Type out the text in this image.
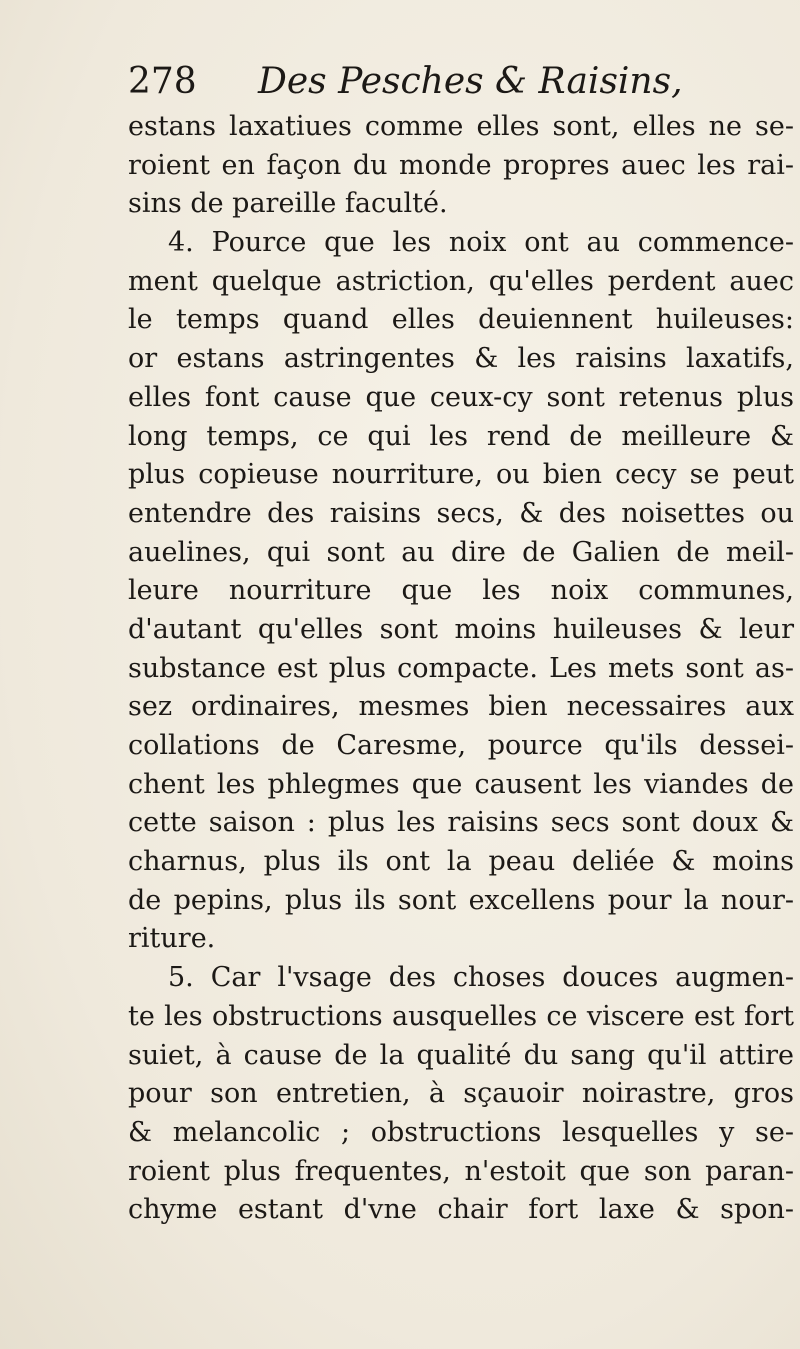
278 Des Pesches & Raisins,
estans laxatiues comme elles sont, elles ne se-
roient en façon du monde propres auec les rai-
sins de pareille faculté.
4. Pource que les noix ont au commence-
ment quelque astriction, qu'elles perdent auec
le temps quand elles deuiennent huileuses:
or estans astringentes & les raisins laxatifs,
elles font cause que ceux-cy sont retenus plus
long temps, ce qui les rend de meilleure &
plus copieuse nourriture, ou bien cecy se peut
entendre des raisins secs, & des noisettes ou
auelines, qui sont au dire de Galien de meil-
leure nourriture que les noix communes,
d'autant qu'elles sont moins huileuses & leur
substance est plus compacte. Les mets sont as-
sez ordinaires, mesmes bien necessaires aux
collations de Caresme, pource qu'ils dessei-
chent les phlegmes que causent les viandes de
cette saison : plus les raisins secs sont doux &
charnus, plus ils ont la peau deliée & moins
de pepins, plus ils sont excellens pour la nour-
riture.
5. Car l'vsage des choses douces augmen-
te les obstructions ausquelles ce viscere est fort
suiet, à cause de la qualité du sang qu'il attire
pour son entretien, à sçauoir noirastre, gros
& melancolic ; obstructions lesquelles y se-
roient plus frequentes, n'estoit que son paran-
chyme estant d'vne chair fort laxe & spon-
